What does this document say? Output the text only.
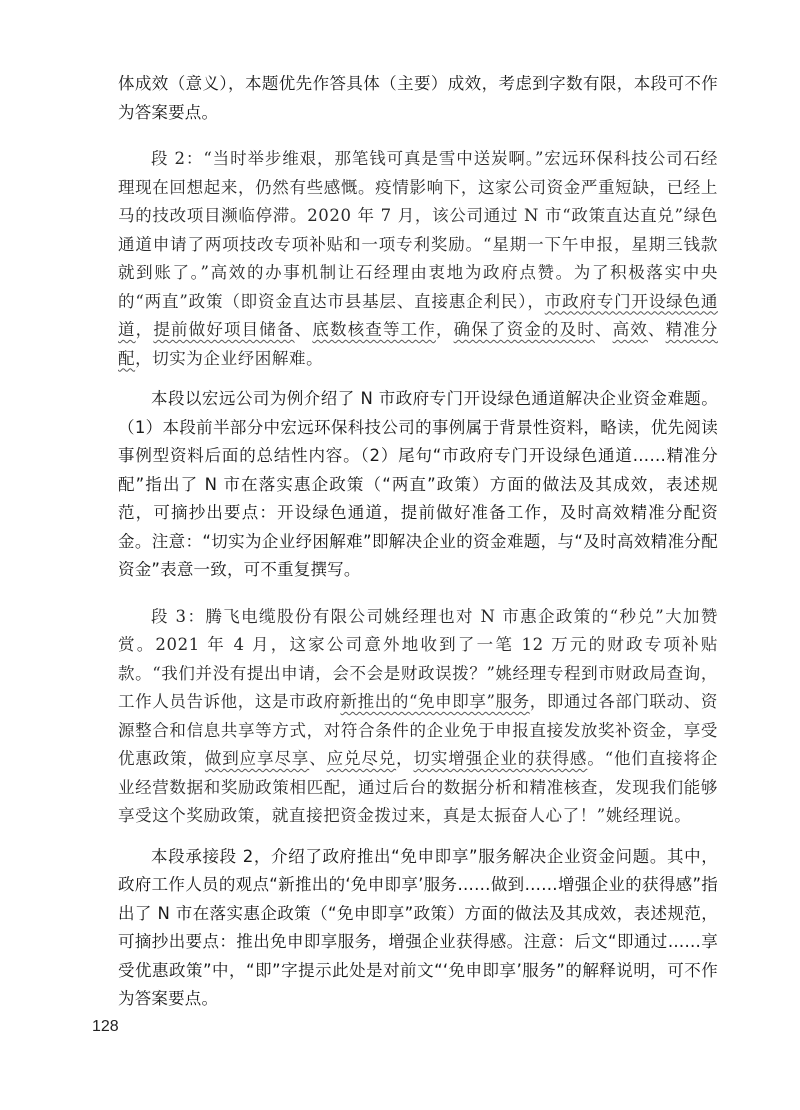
体成效（意义），本题优先作答具体（主要）成效，考虑到字数有限，本段可不作为答案要点。

段 2：“当时举步维艰，那笔钱可真是雪中送炭啊。”宏远环保科技公司石经理现在回想起来，仍然有些感慨。疫情影响下，这家公司资金严重短缺，已经上马的技改项目濒临停滞。2020 年 7 月，该公司通过 N 市“政策直达直兑”绿色通道申请了两项技改专项补贴和一项专利奖励。“星期一下午申报，星期三钱款就到账了。”高效的办事机制让石经理由衷地为政府点赞。为了积极落实中央的“两直”政策（即资金直达市县基层、直接惠企利民），市政府专门开设绿色通道，提前做好项目储备、底数核查等工作，确保了资金的及时、高效、精准分配，切实为企业纾困解难。

本段以宏远公司为例介绍了 N 市政府专门开设绿色通道解决企业资金难题。（1）本段前半部分中宏远环保科技公司的事例属于背景性资料，略读，优先阅读事例型资料后面的总结性内容。（2）尾句“市政府专门开设绿色通道……精准分配”指出了 N 市在落实惠企政策（“两直”政策）方面的做法及其成效，表述规范，可摘抄出要点：开设绿色通道，提前做好准备工作，及时高效精准分配资金。注意：“切实为企业纾困解难”即解决企业的资金难题，与“及时高效精准分配资金”表意一致，可不重复撰写。

段 3：腾飞电缆股份有限公司姚经理也对 N 市惠企政策的“秒兑”大加赞赏。2021 年 4 月，这家公司意外地收到了一笔 12 万元的财政专项补贴款。“我们并没有提出申请，会不会是财政误拨？”姚经理专程到市财政局查询，工作人员告诉他，这是市政府新推出的“免申即享”服务，即通过各部门联动、资源整合和信息共享等方式，对符合条件的企业免于申报直接发放奖补资金，享受优惠政策，做到应享尽享、应兑尽兑，切实增强企业的获得感。“他们直接将企业经营数据和奖励政策相匹配，通过后台的数据分析和精准核查，发现我们能够享受这个奖励政策，就直接把资金拨过来，真是太振奋人心了！”姚经理说。

本段承接段 2，介绍了政府推出“免申即享”服务解决企业资金问题。其中，政府工作人员的观点“新推出的‘免申即享’服务……做到……增强企业的获得感”指出了 N 市在落实惠企政策（“免申即享”政策）方面的做法及其成效，表述规范，可摘抄出要点：推出免申即享服务，增强企业获得感。注意：后文“即通过……享受优惠政策”中，“即”字提示此处是对前文“‘免申即享’服务”的解释说明，可不作为答案要点。

128
